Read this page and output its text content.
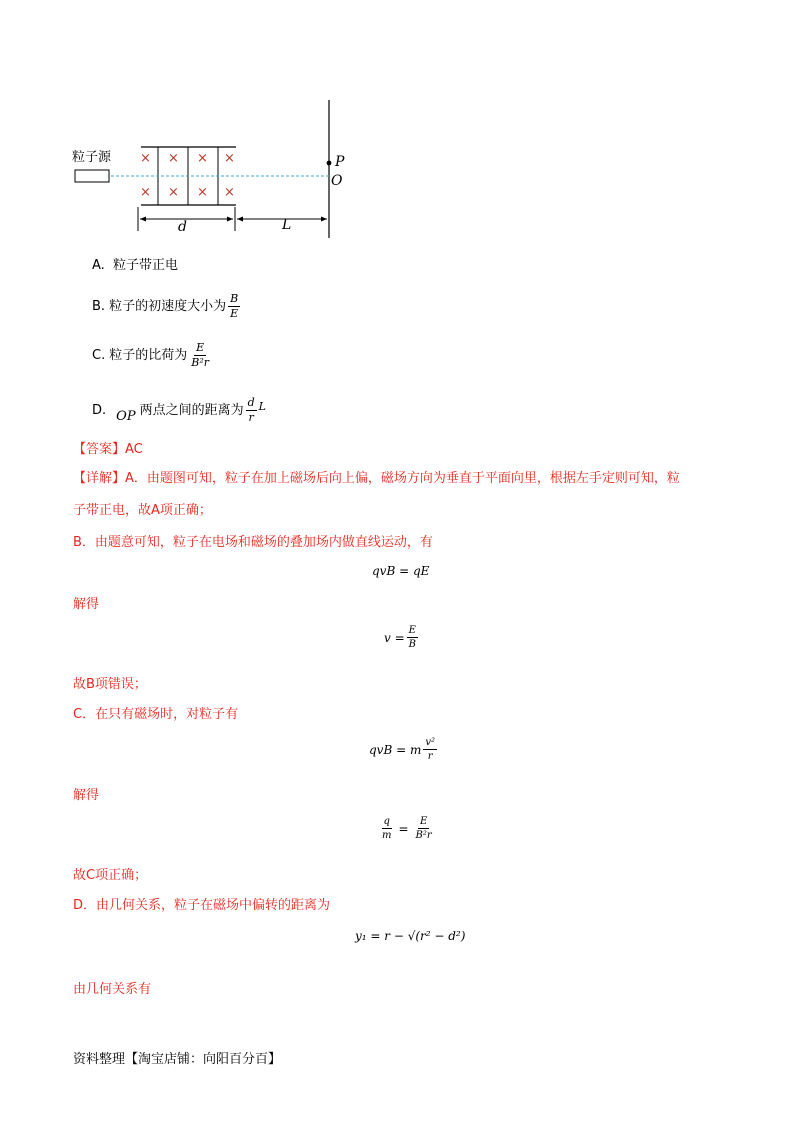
粒子源	P
O
d	L
× × × ×
× × × ×
A. 粒子带正电
B. 粒子的初速度大小为 $\frac{B}{E}$
C. 粒子的比荷为 $\frac{E}{\text{B²r}}$
D. OP 两点之间的距离为 $\frac{d}{r}$ L
【答案】AC
【详解】A．由题图可知，粒子在加上磁场后向上偏，磁场方向为垂直于平面向里，根据左手定则可知，粒
子带正电，故A项正确；
B．由题意可知，粒子在电场和磁场的叠加场内做直线运动，有
qvB = qE
解得
$v = \frac{E}{B}$
故B项错误；
C．在只有磁场时，对粒子有
qvB = m $\frac{\text{v²}}{r}$
解得
$\frac{q}{m} = \frac{E}{\text{B²r}}$
故C项正确；
D．由几何关系，粒子在磁场中偏转的距离为
y₁ = r − √(r² − d²)
由几何关系有
资料整理【淘宝店铺：向阳百分百】
